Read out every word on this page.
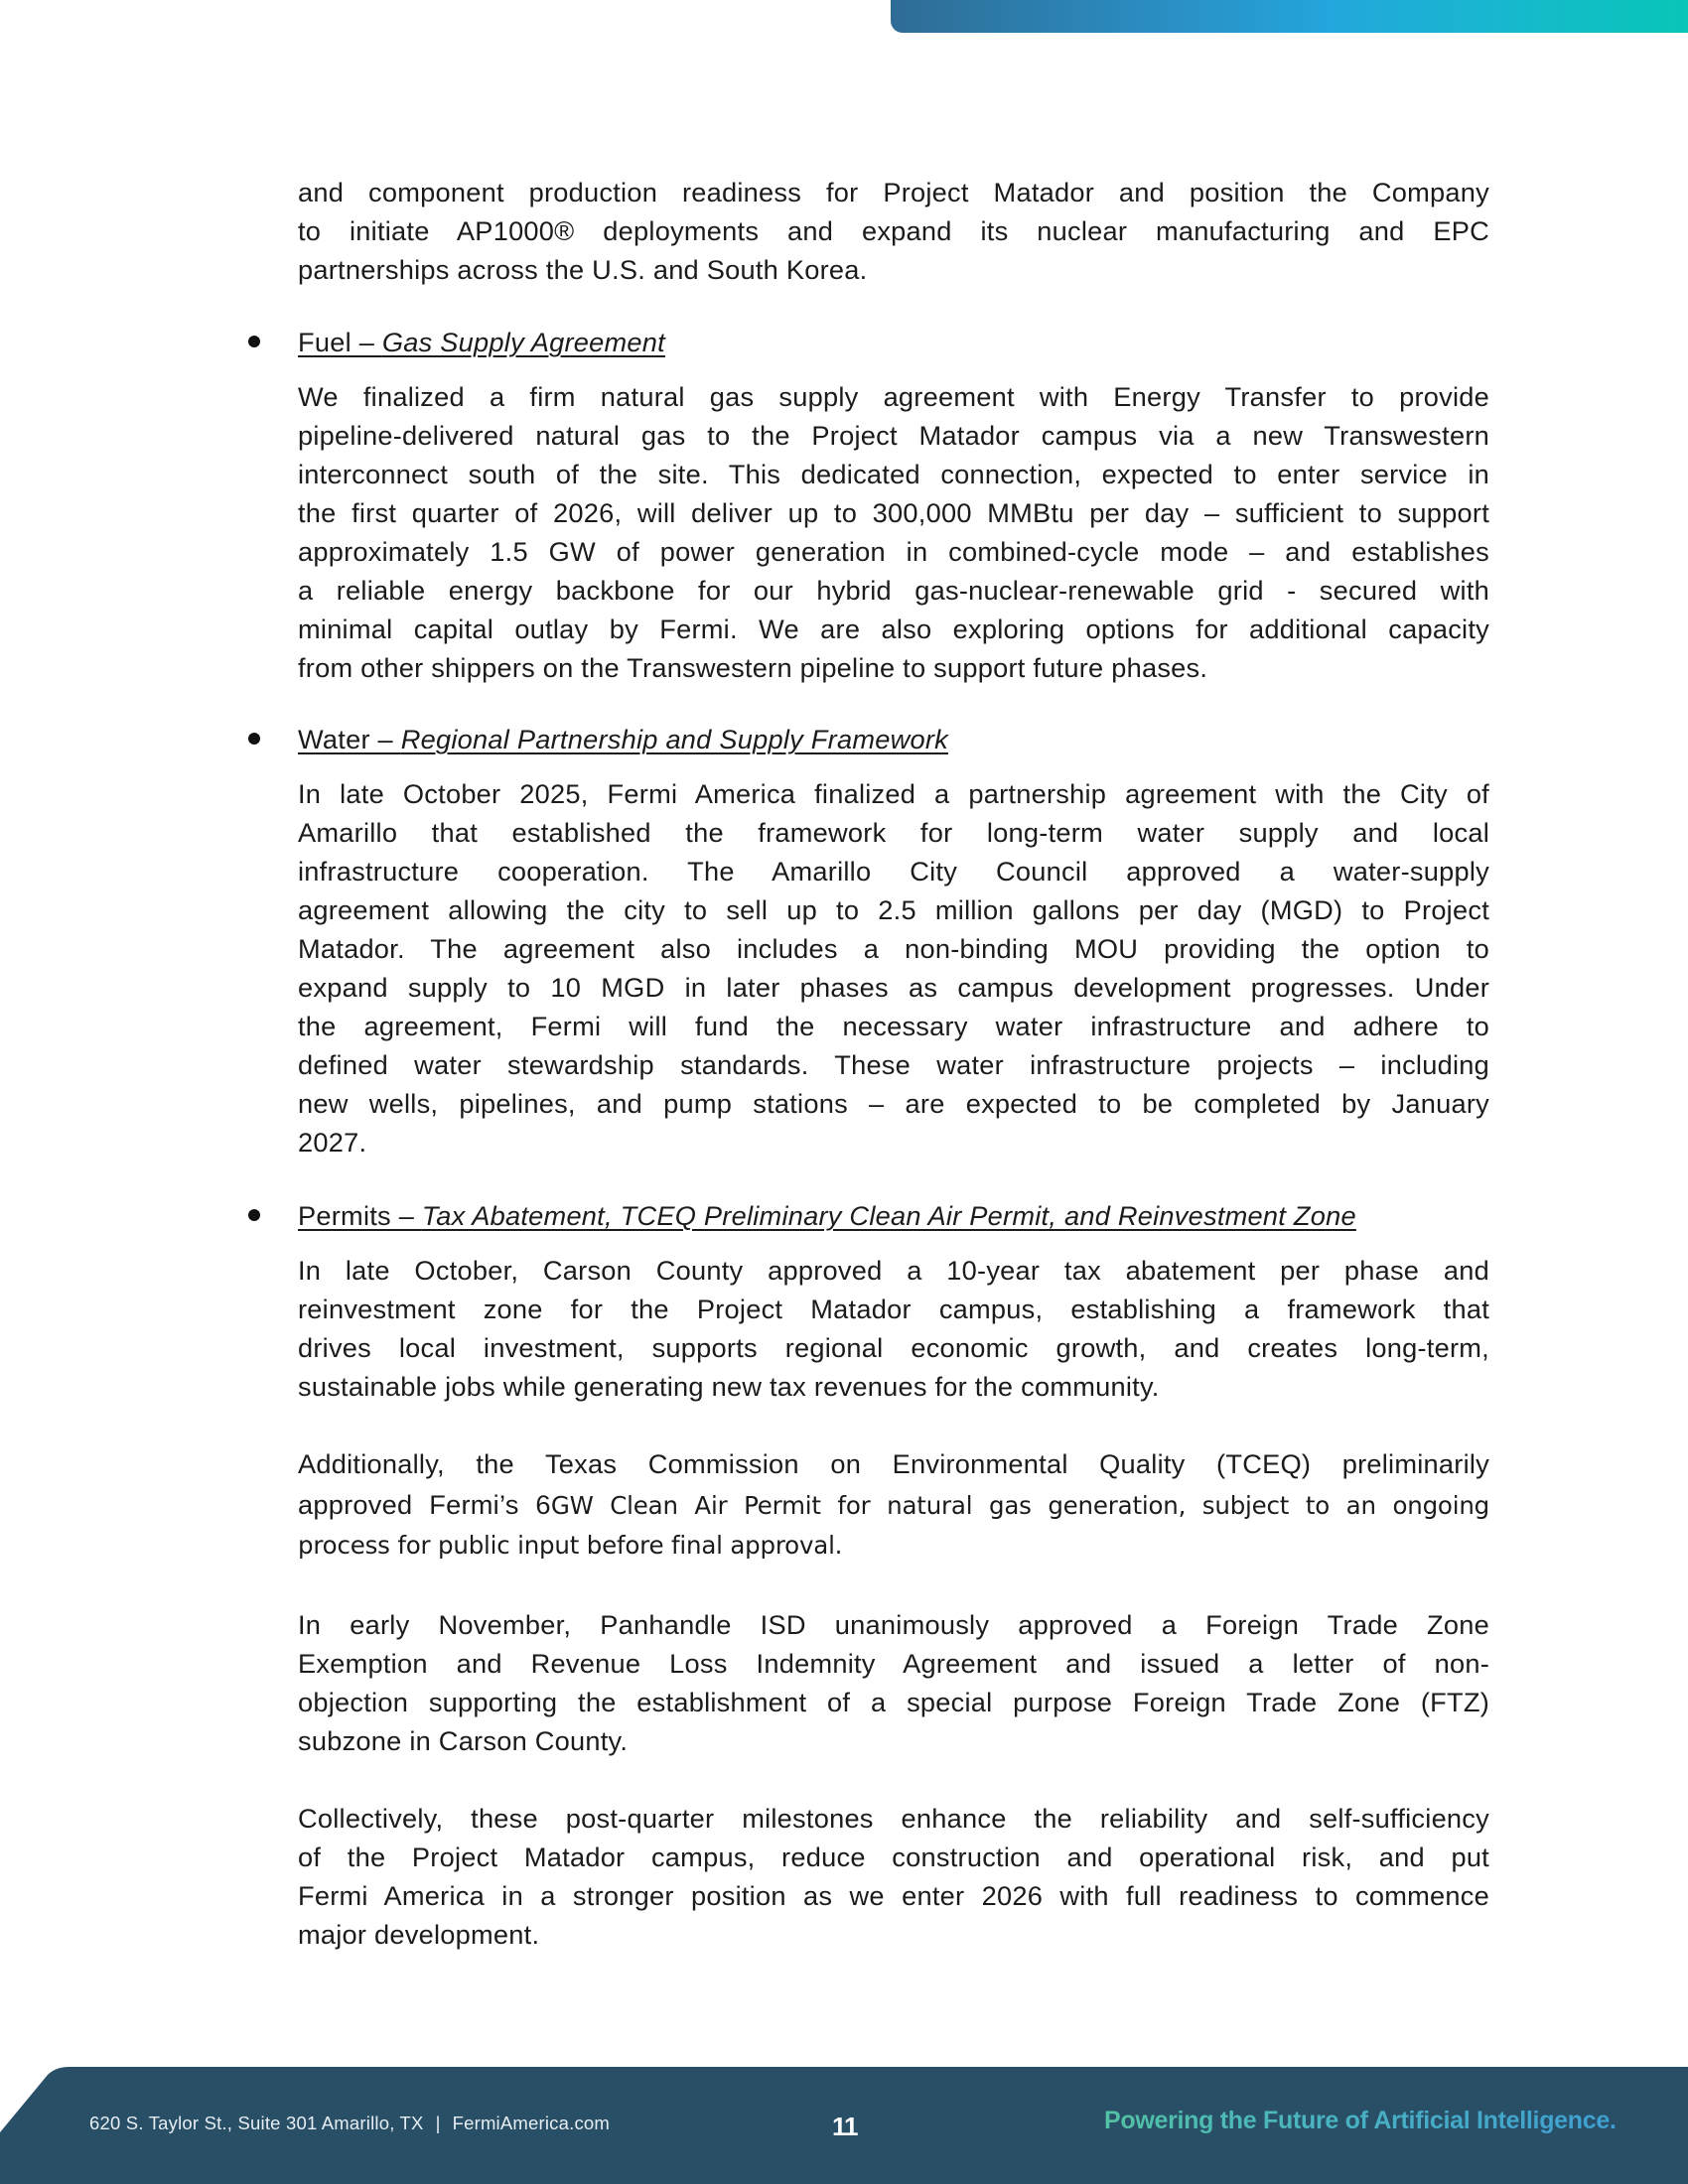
and component production readiness for Project Matador and position the Company
to initiate AP1000® deployments and expand its nuclear manufacturing and EPC
partnerships across the U.S. and South Korea.
Fuel – Gas Supply Agreement
We finalized a firm natural gas supply agreement with Energy Transfer to provide
pipeline-delivered natural gas to the Project Matador campus via a new Transwestern
interconnect south of the site. This dedicated connection, expected to enter service in
the first quarter of 2026, will deliver up to 300,000 MMBtu per day – sufficient to support
approximately 1.5 GW of power generation in combined-cycle mode – and establishes
a reliable energy backbone for our hybrid gas-nuclear-renewable grid - secured with
minimal capital outlay by Fermi. We are also exploring options for additional capacity
from other shippers on the Transwestern pipeline to support future phases.
Water – Regional Partnership and Supply Framework
In late October 2025, Fermi America finalized a partnership agreement with the City of
Amarillo that established the framework for long-term water supply and local
infrastructure cooperation. The Amarillo City Council approved a water-supply
agreement allowing the city to sell up to 2.5 million gallons per day (MGD) to Project
Matador. The agreement also includes a non-binding MOU providing the option to
expand supply to 10 MGD in later phases as campus development progresses. Under
the agreement, Fermi will fund the necessary water infrastructure and adhere to
defined water stewardship standards. These water infrastructure projects – including
new wells, pipelines, and pump stations – are expected to be completed by January
2027.
Permits – Tax Abatement, TCEQ Preliminary Clean Air Permit, and Reinvestment Zone
In late October, Carson County approved a 10-year tax abatement per phase and
reinvestment zone for the Project Matador campus, establishing a framework that
drives local investment, supports regional economic growth, and creates long-term,
sustainable jobs while generating new tax revenues for the community.
Additionally, the Texas Commission on Environmental Quality (TCEQ) preliminarily
approved Fermi’s 6GW Clean Air Permit for natural gas generation, subject to an ongoing
process for public input before final approval.
In early November, Panhandle ISD unanimously approved a Foreign Trade Zone
Exemption and Revenue Loss Indemnity Agreement and issued a letter of non-
objection supporting the establishment of a special purpose Foreign Trade Zone (FTZ)
subzone in Carson County.
Collectively, these post-quarter milestones enhance the reliability and self-sufficiency
of the Project Matador campus, reduce construction and operational risk, and put
Fermi America in a stronger position as we enter 2026 with full readiness to commence
major development.
620 S. Taylor St., Suite 301 Amarillo, TX | FermiAmerica.com	11	Powering the Future of Artificial Intelligence.
